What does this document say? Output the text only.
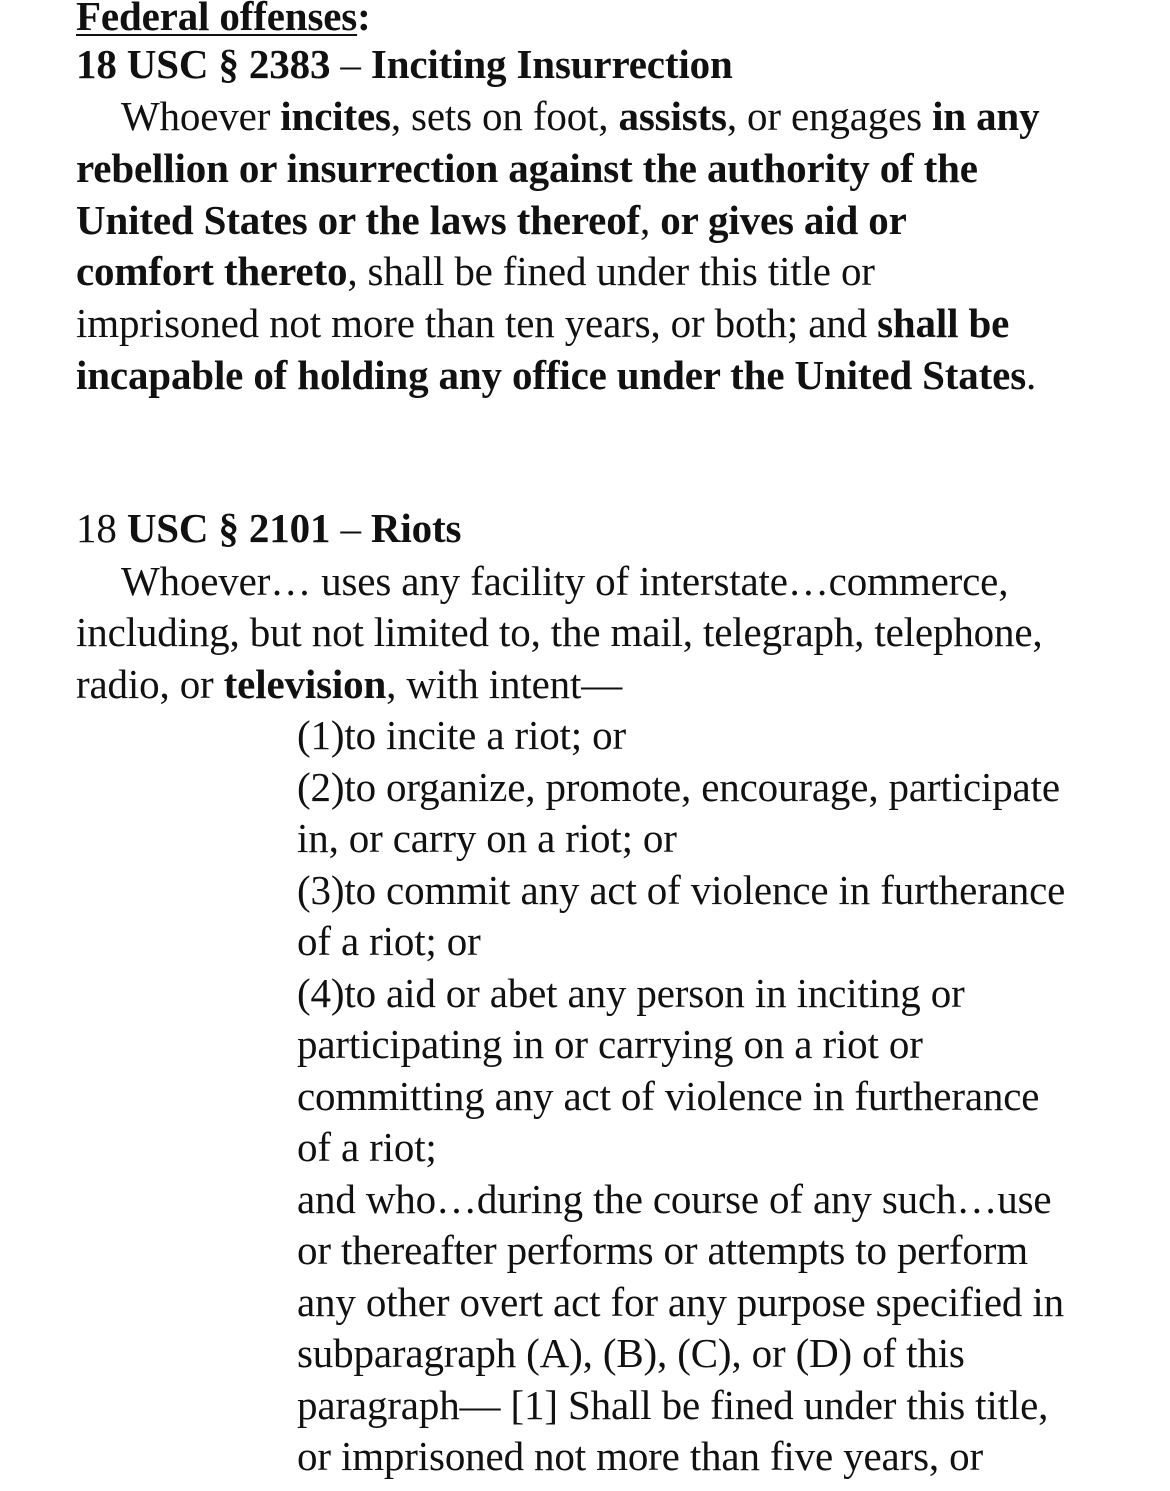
Federal offenses:
18 USC § 2383 – Inciting Insurrection
Whoever incites, sets on foot, assists, or engages in any
rebellion or insurrection against the authority of the
United States or the laws thereof, or gives aid or
comfort thereto, shall be fined under this title or
imprisoned not more than ten years, or both; and shall be
incapable of holding any office under the United States.
18 USC § 2101 – Riots
Whoever… uses any facility of interstate…commerce,
including, but not limited to, the mail, telegraph, telephone,
radio, or television, with intent—
(1)to incite a riot; or
(2)to organize, promote, encourage, participate
in, or carry on a riot; or
(3)to commit any act of violence in furtherance
of a riot; or
(4)to aid or abet any person in inciting or
participating in or carrying on a riot or
committing any act of violence in furtherance
of a riot;
and who…during the course of any such…use
or thereafter performs or attempts to perform
any other overt act for any purpose specified in
subparagraph (A), (B), (C), or (D) of this
paragraph— [1] Shall be fined under this title,
or imprisoned not more than five years, or
